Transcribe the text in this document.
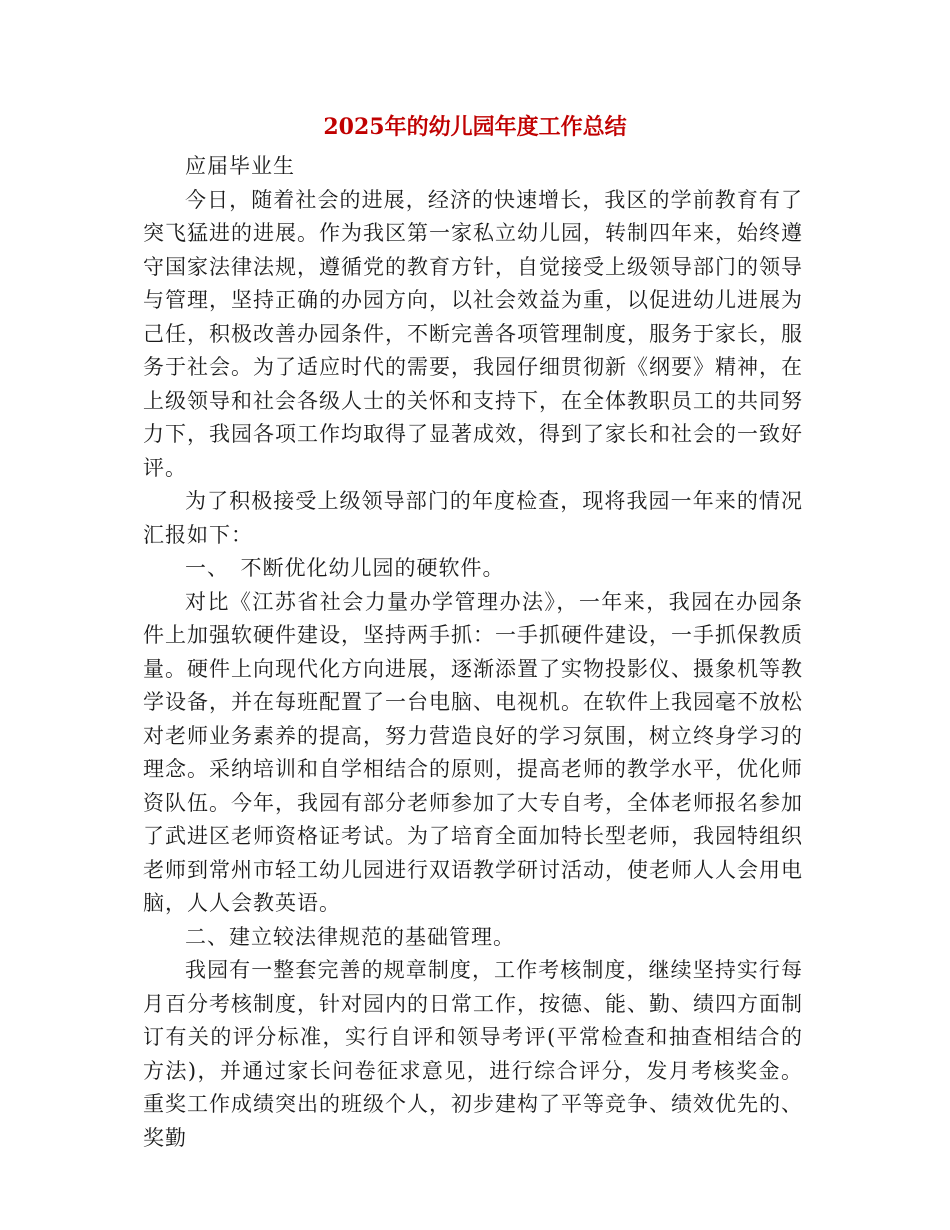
2025年的幼儿园年度工作总结

应届毕业生

今日，随着社会的进展，经济的快速增长，我区的学前教育有了突飞猛进的进展。作为我区第一家私立幼儿园，转制四年来，始终遵守国家法律法规，遵循党的教育方针，自觉接受上级领导部门的领导与管理，坚持正确的办园方向，以社会效益为重，以促进幼儿进展为己任，积极改善办园条件，不断完善各项管理制度，服务于家长，服务于社会。为了适应时代的需要，我园仔细贯彻新《纲要》精神，在上级领导和社会各级人士的关怀和支持下，在全体教职员工的共同努力下，我园各项工作均取得了显著成效，得到了家长和社会的一致好评。

为了积极接受上级领导部门的年度检查，现将我园一年来的情况汇报如下：

一、　不断优化幼儿园的硬软件。

对比《江苏省社会力量办学管理办法》，一年来，我园在办园条件上加强软硬件建设，坚持两手抓：一手抓硬件建设，一手抓保教质量。硬件上向现代化方向进展，逐渐添置了实物投影仪、摄象机等教学设备，并在每班配置了一台电脑、电视机。在软件上我园毫不放松对老师业务素养的提高，努力营造良好的学习氛围，树立终身学习的理念。采纳培训和自学相结合的原则，提高老师的教学水平，优化师资队伍。今年，我园有部分老师参加了大专自考，全体老师报名参加了武进区老师资格证考试。为了培育全面加特长型老师，我园特组织老师到常州市轻工幼儿园进行双语教学研讨活动，使老师人人会用电脑，人人会教英语。

二、建立较法律规范的基础管理。

我园有一整套完善的规章制度，工作考核制度，继续坚持实行每月百分考核制度，针对园内的日常工作，按德、能、勤、绩四方面制订有关的评分标准，实行自评和领导考评(平常检查和抽查相结合的方法)，并通过家长问卷征求意见，进行综合评分，发月考核奖金。重奖工作成绩突出的班级个人，初步建构了平等竞争、绩效优先的、奖勤
